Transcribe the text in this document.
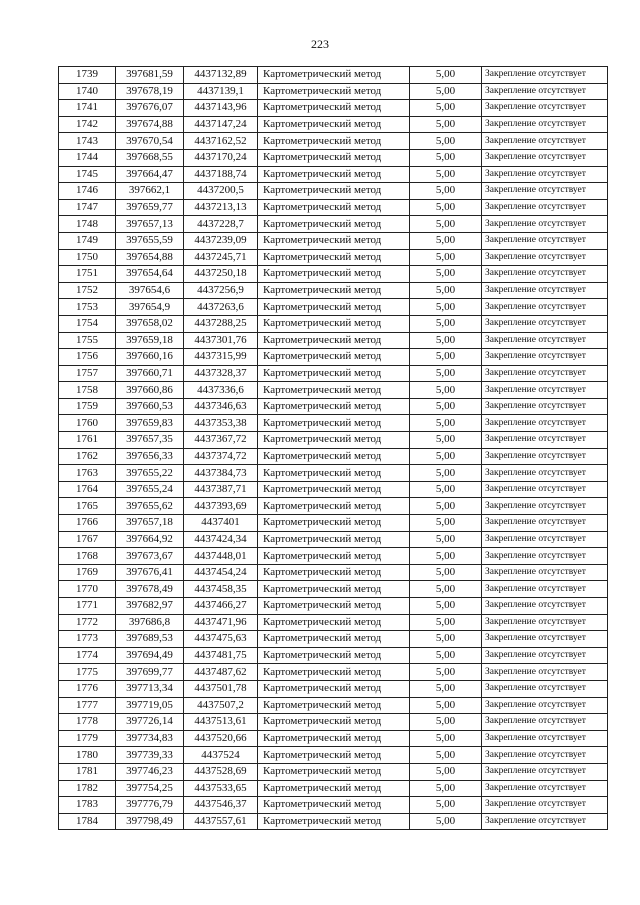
223
1739	397681,59	4437132,89	Картометрический метод	5,00	Закрепление отсутствует
1740	397678,19	4437139,1	Картометрический метод	5,00	Закрепление отсутствует
1741	397676,07	4437143,96	Картометрический метод	5,00	Закрепление отсутствует
1742	397674,88	4437147,24	Картометрический метод	5,00	Закрепление отсутствует
1743	397670,54	4437162,52	Картометрический метод	5,00	Закрепление отсутствует
1744	397668,55	4437170,24	Картометрический метод	5,00	Закрепление отсутствует
1745	397664,47	4437188,74	Картометрический метод	5,00	Закрепление отсутствует
1746	397662,1	4437200,5	Картометрический метод	5,00	Закрепление отсутствует
1747	397659,77	4437213,13	Картометрический метод	5,00	Закрепление отсутствует
1748	397657,13	4437228,7	Картометрический метод	5,00	Закрепление отсутствует
1749	397655,59	4437239,09	Картометрический метод	5,00	Закрепление отсутствует
1750	397654,88	4437245,71	Картометрический метод	5,00	Закрепление отсутствует
1751	397654,64	4437250,18	Картометрический метод	5,00	Закрепление отсутствует
1752	397654,6	4437256,9	Картометрический метод	5,00	Закрепление отсутствует
1753	397654,9	4437263,6	Картометрический метод	5,00	Закрепление отсутствует
1754	397658,02	4437288,25	Картометрический метод	5,00	Закрепление отсутствует
1755	397659,18	4437301,76	Картометрический метод	5,00	Закрепление отсутствует
1756	397660,16	4437315,99	Картометрический метод	5,00	Закрепление отсутствует
1757	397660,71	4437328,37	Картометрический метод	5,00	Закрепление отсутствует
1758	397660,86	4437336,6	Картометрический метод	5,00	Закрепление отсутствует
1759	397660,53	4437346,63	Картометрический метод	5,00	Закрепление отсутствует
1760	397659,83	4437353,38	Картометрический метод	5,00	Закрепление отсутствует
1761	397657,35	4437367,72	Картометрический метод	5,00	Закрепление отсутствует
1762	397656,33	4437374,72	Картометрический метод	5,00	Закрепление отсутствует
1763	397655,22	4437384,73	Картометрический метод	5,00	Закрепление отсутствует
1764	397655,24	4437387,71	Картометрический метод	5,00	Закрепление отсутствует
1765	397655,62	4437393,69	Картометрический метод	5,00	Закрепление отсутствует
1766	397657,18	4437401	Картометрический метод	5,00	Закрепление отсутствует
1767	397664,92	4437424,34	Картометрический метод	5,00	Закрепление отсутствует
1768	397673,67	4437448,01	Картометрический метод	5,00	Закрепление отсутствует
1769	397676,41	4437454,24	Картометрический метод	5,00	Закрепление отсутствует
1770	397678,49	4437458,35	Картометрический метод	5,00	Закрепление отсутствует
1771	397682,97	4437466,27	Картометрический метод	5,00	Закрепление отсутствует
1772	397686,8	4437471,96	Картометрический метод	5,00	Закрепление отсутствует
1773	397689,53	4437475,63	Картометрический метод	5,00	Закрепление отсутствует
1774	397694,49	4437481,75	Картометрический метод	5,00	Закрепление отсутствует
1775	397699,77	4437487,62	Картометрический метод	5,00	Закрепление отсутствует
1776	397713,34	4437501,78	Картометрический метод	5,00	Закрепление отсутствует
1777	397719,05	4437507,2	Картометрический метод	5,00	Закрепление отсутствует
1778	397726,14	4437513,61	Картометрический метод	5,00	Закрепление отсутствует
1779	397734,83	4437520,66	Картометрический метод	5,00	Закрепление отсутствует
1780	397739,33	4437524	Картометрический метод	5,00	Закрепление отсутствует
1781	397746,23	4437528,69	Картометрический метод	5,00	Закрепление отсутствует
1782	397754,25	4437533,65	Картометрический метод	5,00	Закрепление отсутствует
1783	397776,79	4437546,37	Картометрический метод	5,00	Закрепление отсутствует
1784	397798,49	4437557,61	Картометрический метод	5,00	Закрепление отсутствует
